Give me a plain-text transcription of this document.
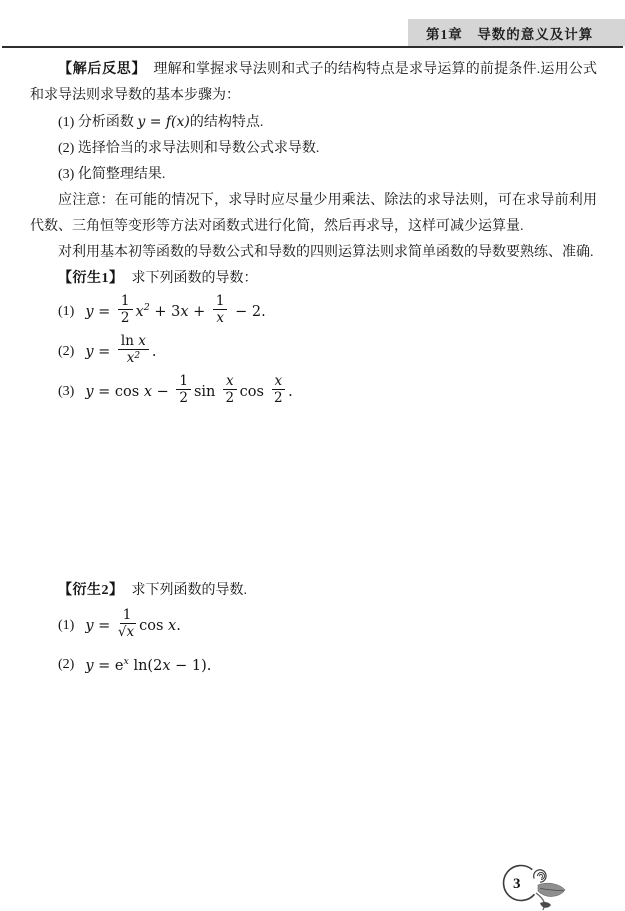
第1章　导数的意义及计算

【解后反思】　 理解和掌握求导法则和式子的结构特点是求导运算的前提条件.运用公式和求导法则求导数的基本步骤为：

(1) 分析函数 y = f(x)的结构特点.

(2) 选择恰当的求导法则和导数公式求导数.

(3) 化简整理结果.

应注意：在可能的情况下，求导时应尽量少用乘法、除法的求导法则，可在求导前利用代数、三角恒等变形等方法对函数式进行化简，然后再求导，这样可减少运算量.

对利用基本初等函数的导数公式和导数的四则运算法则求简单函数的导数要熟练、准确.

【衍生1】 求下列函数的导数：

(1) $y = \frac{1}{2} x^2 + 3x + \frac{1}{x} - 2$.
(2) $y = \frac{\text{ln x}}{x^2}$ .
(3) $y = \cos x - \frac{1}{2}$ $\sin \frac{x}{2}$ $\cos \frac{x}{2}$ .

【衍生2】 求下列函数的导数.

(1) $y = \frac{1}{√x}$ cos x.
(2) $y = e^x$ ln(2x − 1).
3
